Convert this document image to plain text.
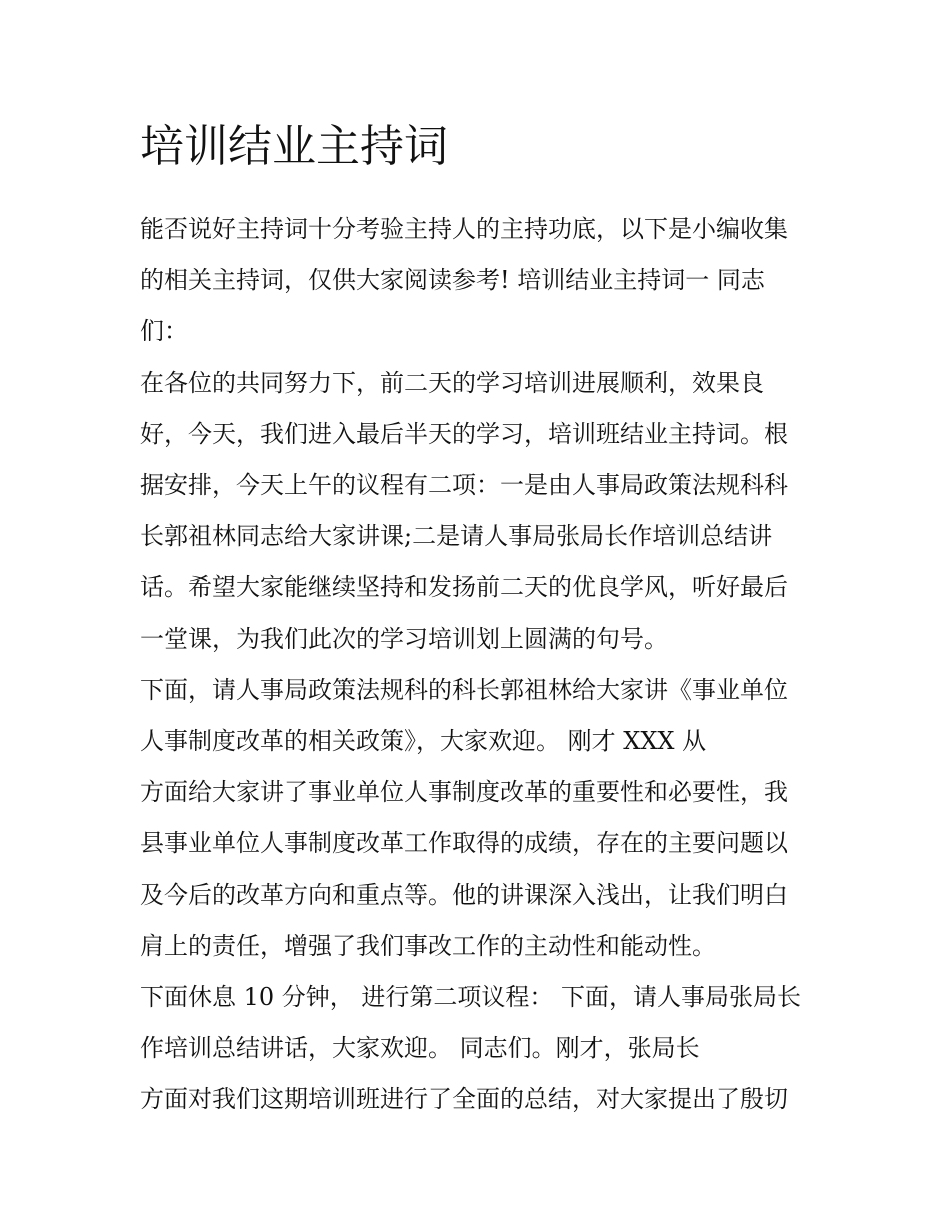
培训结业主持词
能否说好主持词十分考验主持人的主持功底，以下是小编收集
的相关主持词，仅供大家阅读参考! 培训结业主持词一 同志
们：
在各位的共同努力下，前二天的学习培训进展顺利，效果良
好，今天，我们进入最后半天的学习，培训班结业主持词。根
据安排，今天上午的议程有二项：一是由人事局政策法规科科
长郭祖林同志给大家讲课;二是请人事局张局长作培训总结讲
话。希望大家能继续坚持和发扬前二天的优良学风，听好最后
一堂课，为我们此次的学习培训划上圆满的句号。
下面，请人事局政策法规科的科长郭祖林给大家讲《事业单位
人事制度改革的相关政策》，大家欢迎。 刚才 XXX 从
方面给大家讲了事业单位人事制度改革的重要性和必要性，我
县事业单位人事制度改革工作取得的成绩，存在的主要问题以
及今后的改革方向和重点等。他的讲课深入浅出，让我们明白
肩上的责任，增强了我们事改工作的主动性和能动性。
下面休息 10 分钟， 进行第二项议程： 下面，请人事局张局长
作培训总结讲话，大家欢迎。 同志们。刚才，张局长
方面对我们这期培训班进行了全面的总结，对大家提出了殷切
